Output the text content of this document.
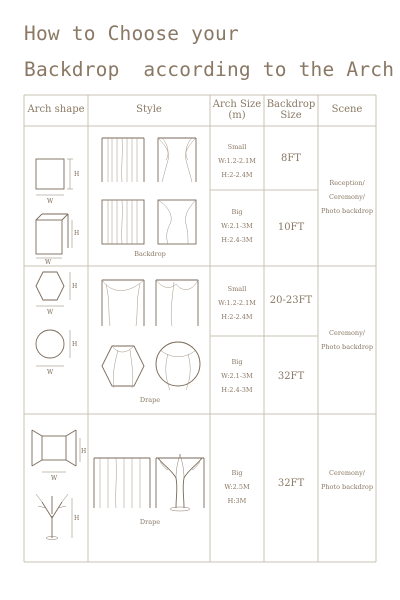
How to Choose your
Backdrop  according to the Arch
Arch shape	Style	Arch Size
(m)
Backdrop
Size
Scene
Small
W:1.2-2.1M
H:2-2.4M
Big
W:2.1-3M
H:2.4-3M
Small
W:1.2-2.1M
H:2-2.4M
Big
W:2.1-3M
H:2.4-3M
Big
W:2.5M
H:3M
8FT
10FT
20-23FT
32FT
32FT
Reception/
Ceremony/
Photo backdrop
Ceremony/
Photo backdrop
Ceremony/
Photo backdrop
Backdrop
Drape
Drape
W
H
W
H
W
H
W
H
W
H
H
